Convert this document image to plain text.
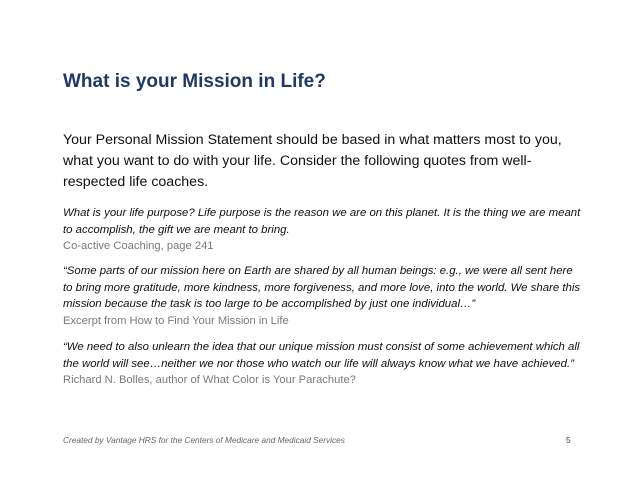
What is your Mission in Life?
Your Personal Mission Statement should be based in what matters most to you, what you want to do with your life. Consider the following quotes from well-respected life coaches.
What is your life purpose? Life purpose is the reason we are on this planet. It is the thing we are meant to accomplish, the gift we are meant to bring.
Co-active Coaching, page 241
“Some parts of our mission here on Earth are shared by all human beings: e.g., we were all sent here to bring more gratitude, more kindness, more forgiveness, and more love, into the world. We share this mission because the task is too large to be accomplished by just one individual…”
Excerpt from How to Find Your Mission in Life
“We need to also unlearn the idea that our unique mission must consist of some achievement which all the world will see…neither we nor those who watch our life will always know what we have achieved.”
Richard N. Bolles, author of What Color is Your Parachute?
Created by Vantage HRS for the Centers of Medicare and Medicaid Services	5
